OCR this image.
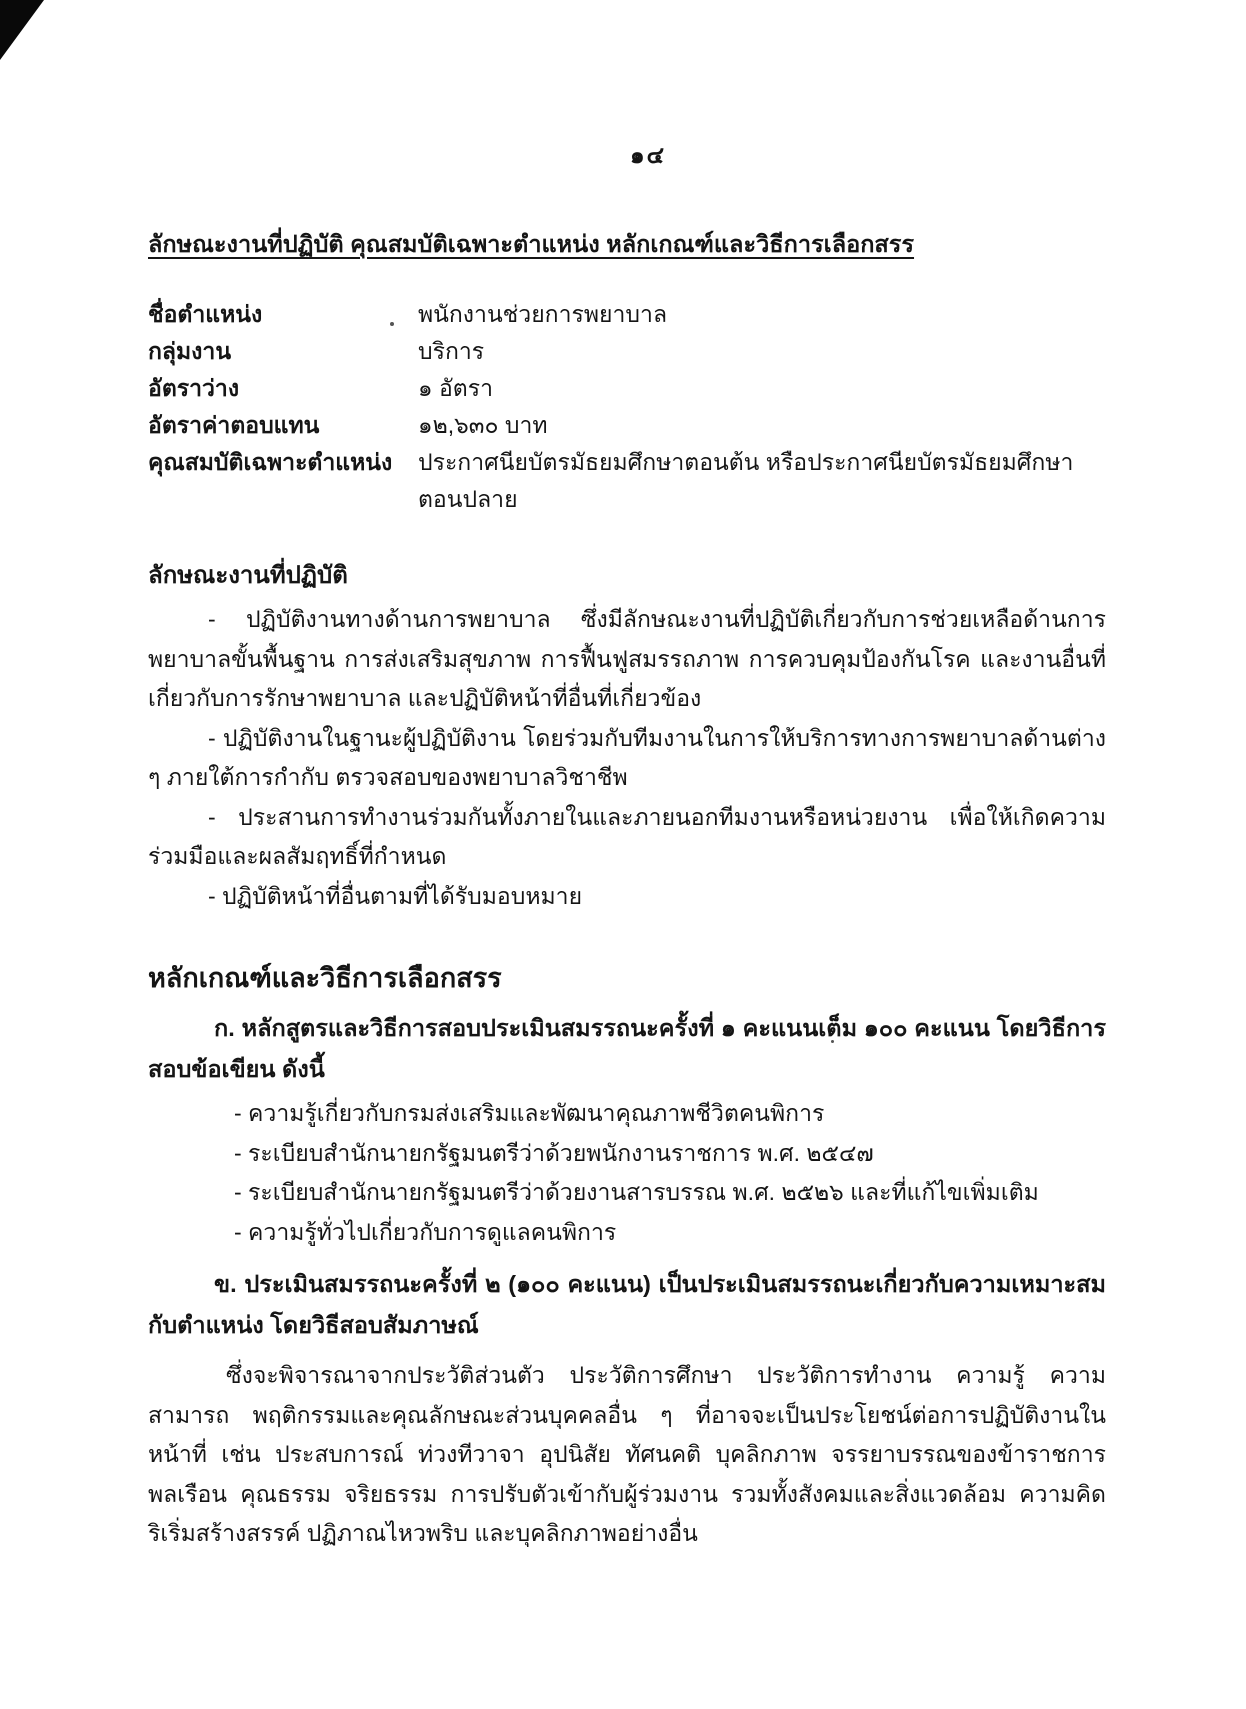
๑๔
ลักษณะงานที่ปฏิบัติ คุณสมบัติเฉพาะตำแหน่ง หลักเกณฑ์และวิธีการเลือกสรร
ชื่อตำแหน่ง	พนักงานช่วยการพยาบาล
กลุ่มงาน	บริการ
อัตราว่าง	๑ อัตรา
อัตราค่าตอบแทน	๑๒,๖๓๐ บาท
คุณสมบัติเฉพาะตำแหน่ง	ประกาศนียบัตรมัธยมศึกษาตอนต้น หรือประกาศนียบัตรมัธยมศึกษาตอนปลาย
ลักษณะงานที่ปฏิบัติ

- ปฏิบัติงานทางด้านการพยาบาล ซึ่งมีลักษณะงานที่ปฏิบัติเกี่ยวกับการช่วยเหลือด้านการพยาบาลขั้นพื้นฐาน การส่งเสริมสุขภาพ การฟื้นฟูสมรรถภาพ การควบคุมป้องกันโรค และงานอื่นที่เกี่ยวกับการรักษาพยาบาล และปฏิบัติหน้าที่อื่นที่เกี่ยวข้อง

- ปฏิบัติงานในฐานะผู้ปฏิบัติงาน โดยร่วมกับทีมงานในการให้บริการทางการพยาบาลด้านต่าง ๆ ภายใต้การกำกับ ตรวจสอบของพยาบาลวิชาชีพ

- ประสานการทำงานร่วมกันทั้งภายในและภายนอกทีมงานหรือหน่วยงาน เพื่อให้เกิดความร่วมมือและผลสัมฤทธิ์ที่กำหนด

- ปฏิบัติหน้าที่อื่นตามที่ได้รับมอบหมาย

หลักเกณฑ์และวิธีการเลือกสรร

ก. หลักสูตรและวิธีการสอบประเมินสมรรถนะครั้งที่ ๑ คะแนนเต็ม ๑๐๐ คะแนน โดยวิธีการสอบข้อเขียน ดังนี้

- ความรู้เกี่ยวกับกรมส่งเสริมและพัฒนาคุณภาพชีวิตคนพิการ
- ระเบียบสำนักนายกรัฐมนตรีว่าด้วยพนักงานราชการ พ.ศ. ๒๕๔๗
- ระเบียบสำนักนายกรัฐมนตรีว่าด้วยงานสารบรรณ พ.ศ. ๒๕๒๖ และที่แก้ไขเพิ่มเติม
- ความรู้ทั่วไปเกี่ยวกับการดูแลคนพิการ

ข. ประเมินสมรรถนะครั้งที่ ๒ (๑๐๐ คะแนน) เป็นประเมินสมรรถนะเกี่ยวกับความเหมาะสมกับตำแหน่ง โดยวิธีสอบสัมภาษณ์

ซึ่งจะพิจารณาจากประวัติส่วนตัว ประวัติการศึกษา ประวัติการทำงาน ความรู้ ความสามารถ พฤติกรรมและคุณลักษณะส่วนบุคคลอื่น ๆ ที่อาจจะเป็นประโยชน์ต่อการปฏิบัติงานในหน้าที่ เช่น ประสบการณ์ ท่วงทีวาจา อุปนิสัย ทัศนคติ บุคลิกภาพ จรรยาบรรณของข้าราชการพลเรือน คุณธรรม จริยธรรม การปรับตัวเข้ากับผู้ร่วมงาน รวมทั้งสังคมและสิ่งแวดล้อม ความคิดริเริ่มสร้างสรรค์ ปฏิภาณไหวพริบ และบุคลิกภาพอย่างอื่น
